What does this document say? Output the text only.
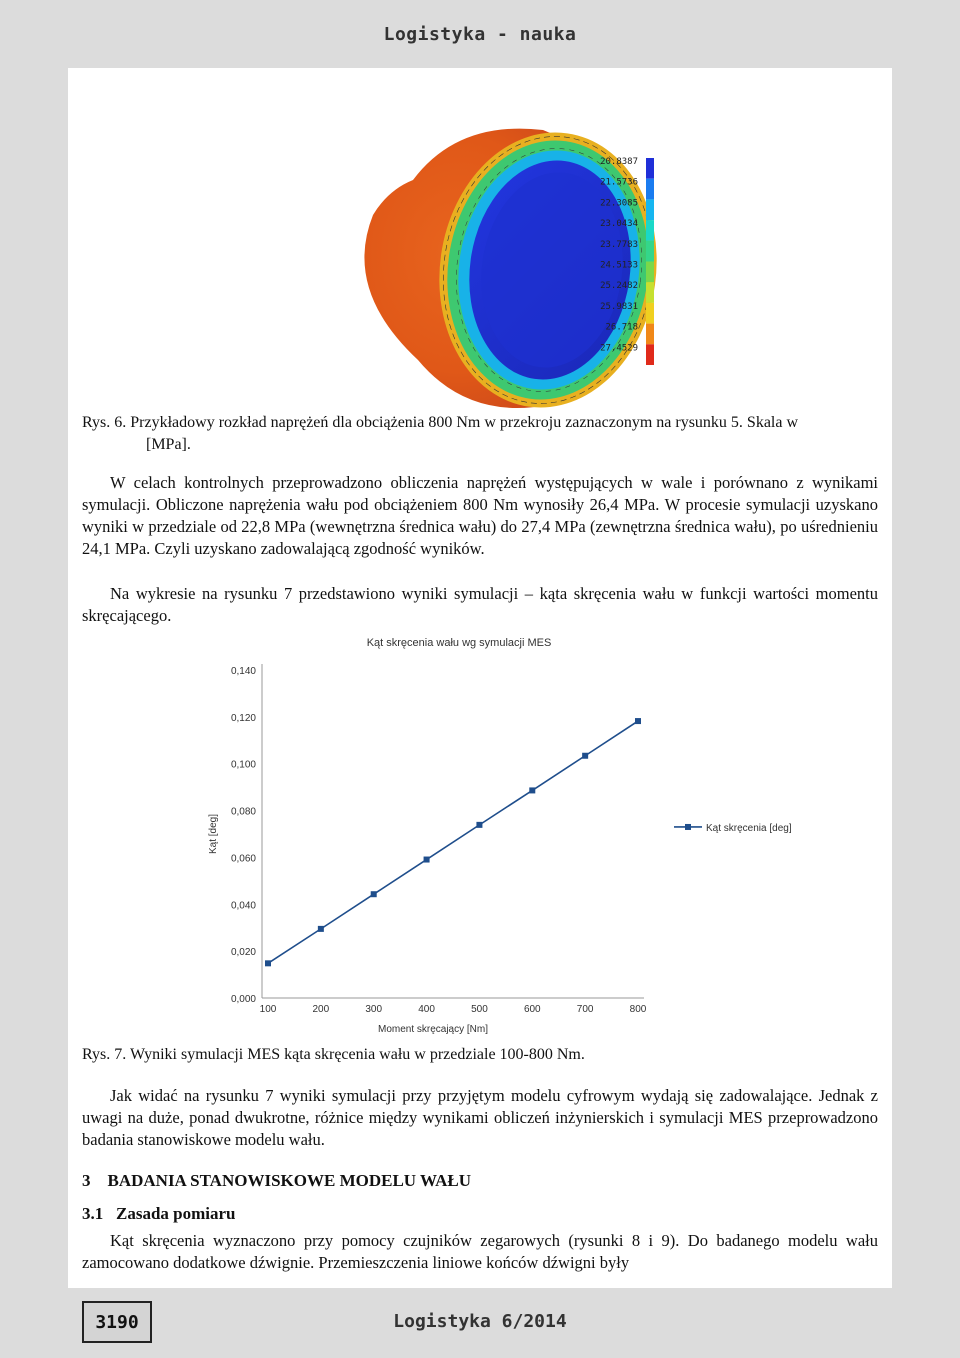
Logistyka - nauka
20.8387
21.5736
22.3085
23.0434
23.7783
24.5133
25.2482
25.9831
26.718
27.4529
Rys. 6. Przykładowy rozkład naprężeń dla obciążenia 800 Nm w przekroju zaznaczonym na rysunku 5. Skala w
[MPa].
W celach kontrolnych przeprowadzono obliczenia naprężeń występujących w wale i porównano z wynikami symulacji. Obliczone naprężenia wału pod obciążeniem 800 Nm wynosiły 26,4 MPa. W procesie symulacji uzyskano wyniki w przedziale od 22,8 MPa (wewnętrzna średnica wału) do 27,4 MPa (zewnętrzna średnica wału), po uśrednieniu 24,1 MPa. Czyli uzyskano zadowalającą zgodność wyników.
Na wykresie na rysunku 7 przedstawiono wyniki symulacji – kąta skręcenia wału w funkcji wartości momentu skręcającego.
Kąt skręcenia wału wg symulacji MES
0,000
0,020
0,040
0,060
0,080
0,100
0,120
0,140
100	200	300	400	500	600	700	800
Moment skręcający [Nm]
Kąt [deg]	Kąt skręcenia [deg]
Rys. 7. Wyniki symulacji MES kąta skręcenia wału w przedziale 100-800 Nm.
Jak widać na rysunku 7 wyniki symulacji przy przyjętym modelu cyfrowym wydają się zadowalające. Jednak z uwagi na duże, ponad dwukrotne, różnice między wynikami obliczeń inżynierskich i symulacji MES przeprowadzono badania stanowiskowe modelu wału.
3    BADANIA STANOWISKOWE MODELU WAŁU
3.1   Zasada pomiaru
Kąt skręcenia wyznaczono przy pomocy czujników zegarowych (rysunki 8 i 9). Do badanego modelu wału zamocowano dodatkowe dźwignie. Przemieszczenia liniowe końców dźwigni były
3190	Logistyka 6/2014
